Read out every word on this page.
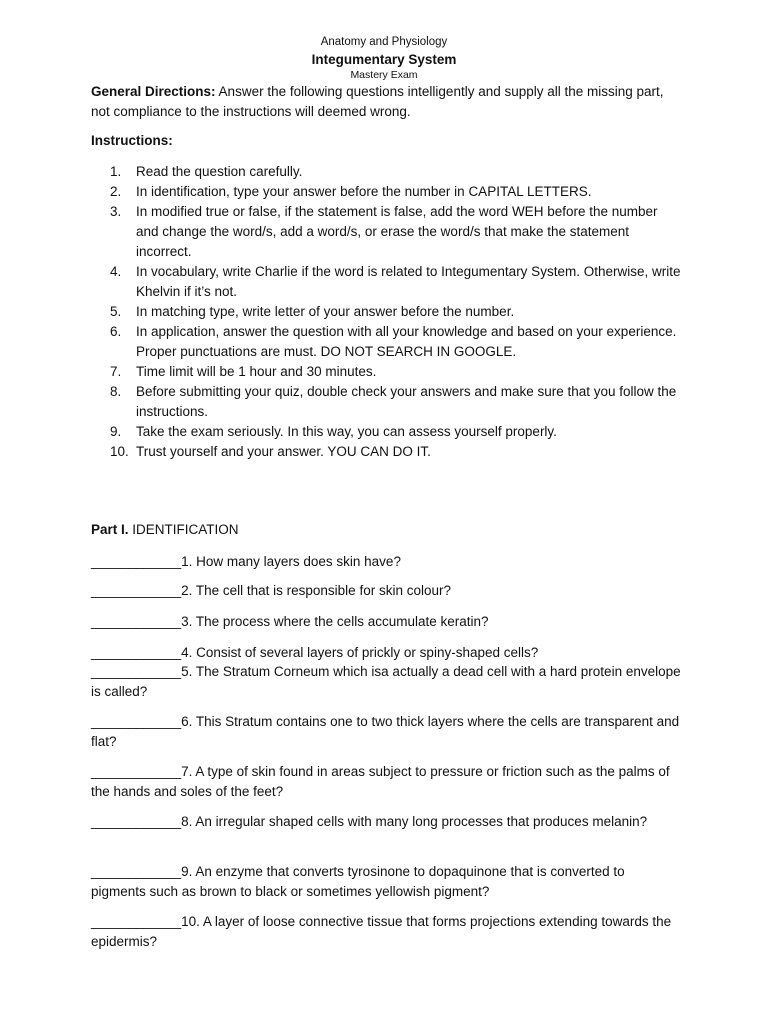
Anatomy and Physiology
Integumentary System
Mastery Exam
General Directions: Answer the following questions intelligently and supply all the missing part, not compliance to the instructions will deemed wrong.
Instructions:
1.	Read the question carefully.
2.	In identification, type your answer before the number in CAPITAL LETTERS.
3.	In modified true or false, if the statement is false, add the word WEH before the number and change the word/s, add a word/s, or erase the word/s that make the statement incorrect.
4.	In vocabulary, write Charlie if the word is related to Integumentary System. Otherwise, write Khelvin if it’s not.
5.	In matching type, write letter of your answer before the number.
6.	In application, answer the question with all your knowledge and based on your experience. Proper punctuations are must. DO NOT SEARCH IN GOOGLE.
7.	Time limit will be 1 hour and 30 minutes.
8.	Before submitting your quiz, double check your answers and make sure that you follow the instructions.
9.	Take the exam seriously. In this way, you can assess yourself properly.
10. Trust yourself and your answer. YOU CAN DO IT.
Part I. IDENTIFICATION
____________1. How many layers does skin have?
____________2. The cell that is responsible for skin colour?
____________3. The process where the cells accumulate keratin?
____________4. Consist of several layers of prickly or spiny-shaped cells?
____________5. The Stratum Corneum which isa actually a dead cell with a hard protein envelope is called?
____________6. This Stratum contains one to two thick layers where the cells are transparent and flat?
____________7. A type of skin found in areas subject to pressure or friction such as the palms of the hands and soles of the feet?
____________8. An irregular shaped cells with many long processes that produces melanin?
____________9. An enzyme that converts tyrosinone to dopaquinone that is converted to pigments such as brown to black or sometimes yellowish pigment?
____________10. A layer of loose connective tissue that forms projections extending towards the epidermis?
